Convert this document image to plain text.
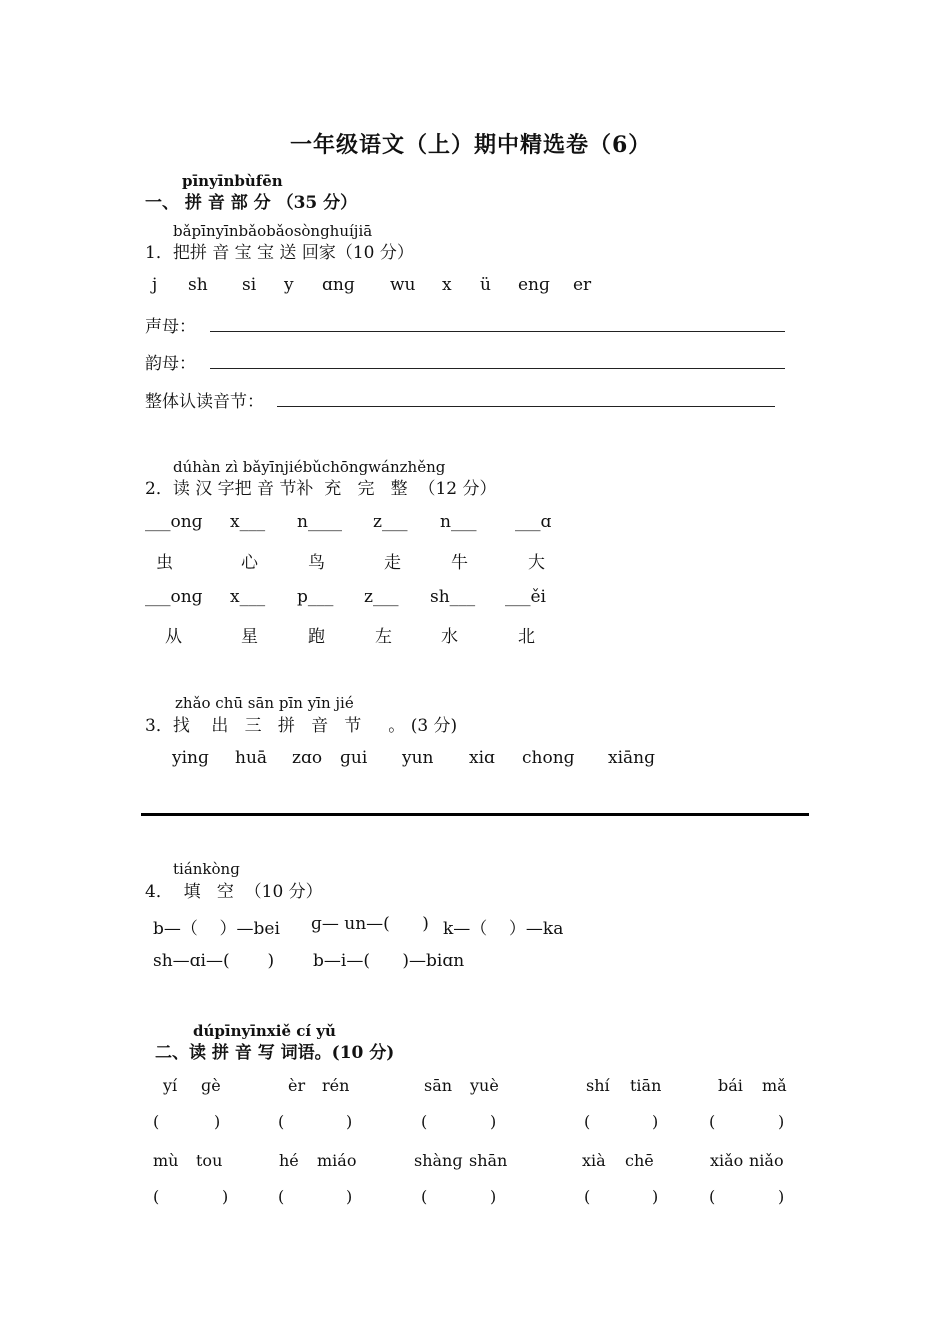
一年级语文（上）期中精选卷（6）
pīnyīnbùfēn
一、 拼 音 部 分 （35 分）
bǎpīnyīnbǎobǎosònghuíjiā
1．把拼 音 宝 宝 送 回家（10 分）
j sh si y ɑnɡ wu x ü enɡ er
声母：
韵母：
整体认读音节：
dúhàn zì bǎyīnjiébǔchōngwánzhěng
2．读 汉 字把 音 节补  充   完   整  （12 分）
___onɡ x___ n____ z___ n___ ___ɑ
虫	心	鸟	走	牛	大
___onɡ x___ p___ z___ sh___ ___ěi
从	星	跑	左	水	北
zhǎo chū sān pīn yīn jié
3．找    出   三   拼   音   节     。 (3 分)
yinɡ huā zɑo ɡui yun xiɑ chonɡ xiānɡ
tiánkònɡ
4．  填   空  （10 分）
b—（    ）—bei ɡ— un—(      ) k—（    ）—ka
sh—ɑi—(       ) b—i—(      )—biɑn
dúpīnyīnxiě cí yǔ
二、读 拼 音 写 词语。(10 分)
yí ɡè	èr rén	sān yuè	shí tiān	bái mǎ
(	)	(	)	(	)	(	)	(	)
mù tou	hé miáo	shànɡ shān	xià chē	xiǎo niǎo
(	)	(	)	(	)	(	)	(	)
